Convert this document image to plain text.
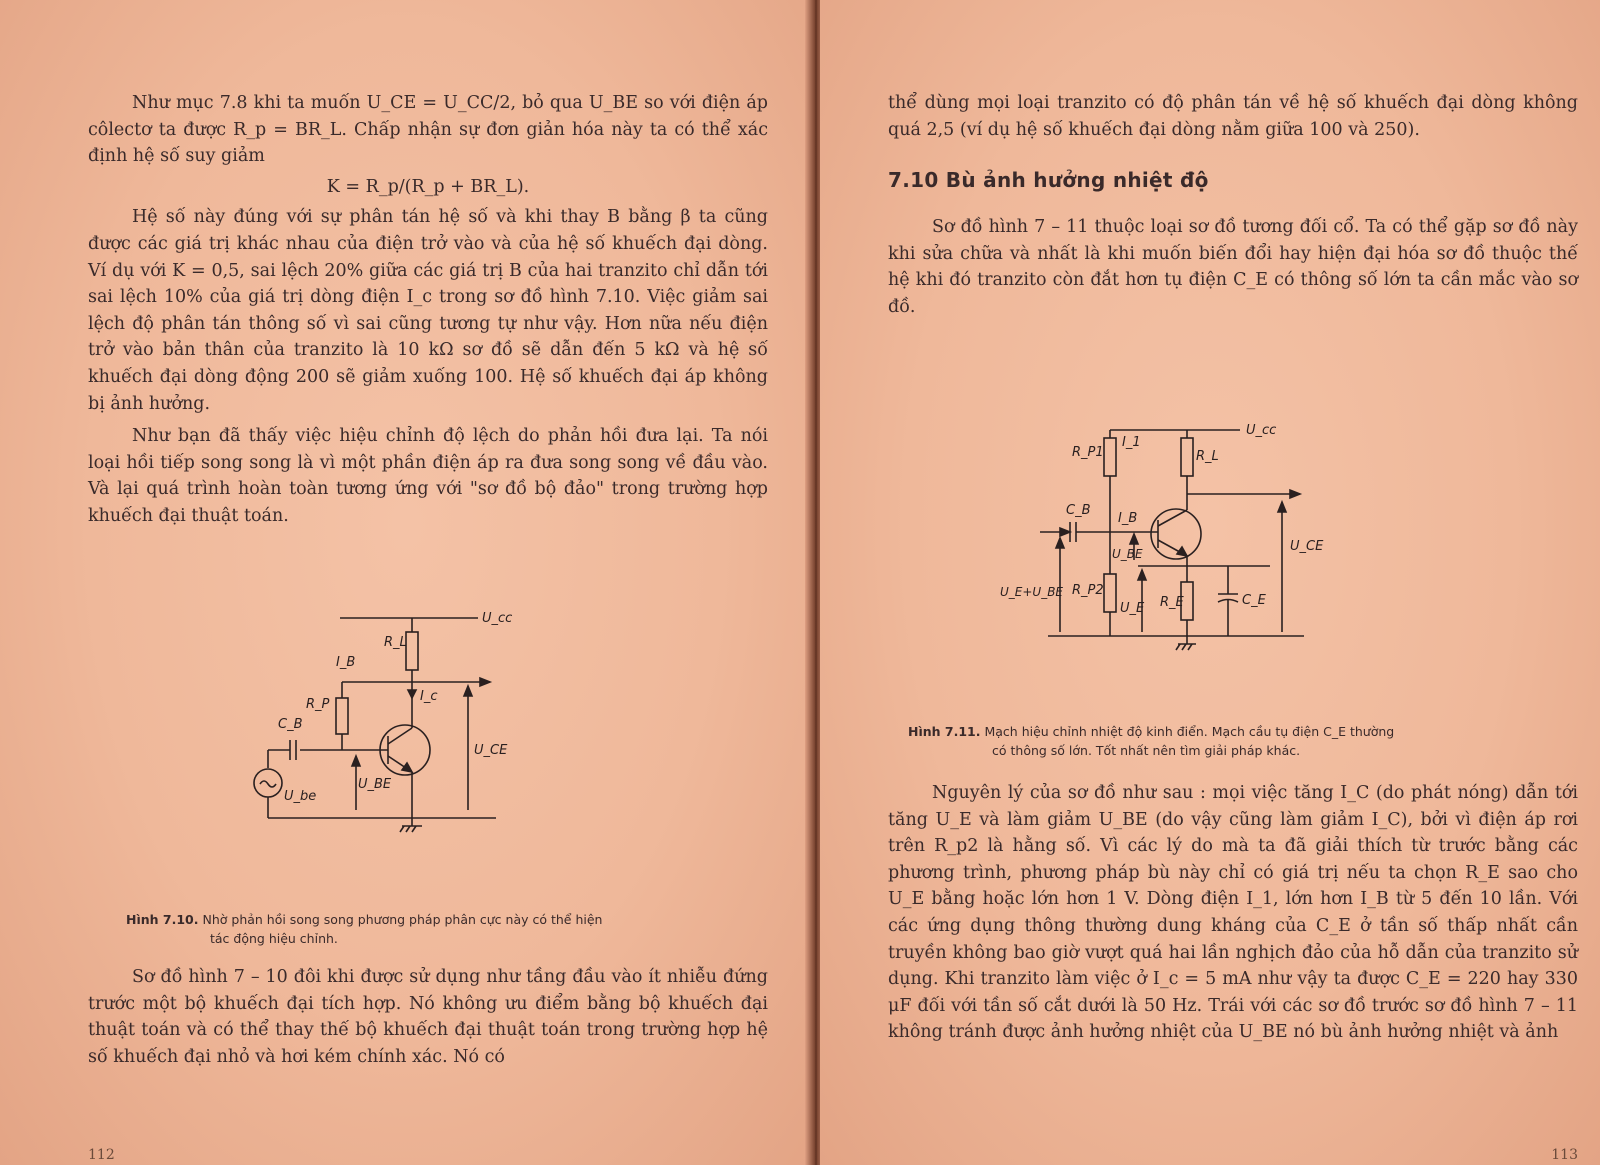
Như mục 7.8 khi ta muốn U_CE = U_CC/2, bỏ qua U_BE so với điện áp côlectơ ta được R_p = BR_L. Chấp nhận sự đơn giản hóa này ta có thể xác định hệ số suy giảm

K = R_p/(R_p + BR_L).

Hệ số này đúng với sự phân tán hệ số và khi thay B bằng β ta cũng được các giá trị khác nhau của điện trở vào và của hệ số khuếch đại dòng. Ví dụ với K = 0,5, sai lệch 20% giữa các giá trị B của hai tranzito chỉ dẫn tới sai lệch 10% của giá trị dòng điện I_c trong sơ đồ hình 7.10. Việc giảm sai lệch độ phân tán thông số vì sai cũng tương tự như vậy. Hơn nữa nếu điện trở vào bản thân của tranzito là 10 kΩ sơ đồ sẽ dẫn đến 5 kΩ và hệ số khuếch đại dòng động 200 sẽ giảm xuống 100. Hệ số khuếch đại áp không bị ảnh hưởng.

Như bạn đã thấy việc hiệu chỉnh độ lệch do phản hồi đưa lại. Ta nói loại hồi tiếp song song là vì một phần điện áp ra đưa song song về đầu vào. Và lại quá trình hoàn toàn tương ứng với "sơ đồ bộ đảo" trong trường hợp khuếch đại thuật toán.

U_cc
R_L
I_B
R_P
C_B
I_c
U_CE
U_BE
U_be
Hình 7.10. Nhờ phản hồi song song phương pháp phân cực này có thể hiện
tác động hiệu chỉnh.

Sơ đồ hình 7 – 10 đôi khi được sử dụng như tầng đầu vào ít nhiễu đứng trước một bộ khuếch đại tích hợp. Nó không ưu điểm bằng bộ khuếch đại thuật toán và có thể thay thế bộ khuếch đại thuật toán trong trường hợp hệ số khuếch đại nhỏ và hơi kém chính xác. Nó có

112

thể dùng mọi loại tranzito có độ phân tán về hệ số khuếch đại dòng không quá 2,5 (ví dụ hệ số khuếch đại dòng nằm giữa 100 và 250).

7.10 Bù ảnh hưởng nhiệt độ

Sơ đồ hình 7 – 11 thuộc loại sơ đồ tương đối cổ. Ta có thể gặp sơ đồ này khi sửa chữa và nhất là khi muốn biến đổi hay hiện đại hóa sơ đồ thuộc thế hệ khi đó tranzito còn đắt hơn tụ điện C_E có thông số lớn ta cần mắc vào sơ đồ.

U_cc
R_P1
I_1
R_L
C_B
I_B
U_BE	U_CE
U_E+U_BE R_P2
U_E R_E	C_E
Hình 7.11. Mạch hiệu chỉnh nhiệt độ kinh điển. Mạch cầu tụ điện C_E thường
có thông số lớn. Tốt nhất nên tìm giải pháp khác.

Nguyên lý của sơ đồ như sau : mọi việc tăng I_C (do phát nóng) dẫn tới tăng U_E và làm giảm U_BE (do vậy cũng làm giảm I_C), bởi vì điện áp rơi trên R_p2 là hằng số. Vì các lý do mà ta đã giải thích từ trước bằng các phương trình, phương pháp bù này chỉ có giá trị nếu ta chọn R_E sao cho U_E bằng hoặc lớn hơn 1 V. Dòng điện I_1, lớn hơn I_B từ 5 đến 10 lần. Với các ứng dụng thông thường dung kháng của C_E ở tần số thấp nhất cần truyền không bao giờ vượt quá hai lần nghịch đảo của hỗ dẫn của tranzito sử dụng. Khi tranzito làm việc ở I_c = 5 mA như vậy ta được C_E = 220 hay 330 μF đối với tần số cắt dưới là 50 Hz. Trái với các sơ đồ trước sơ đồ hình 7 – 11 không tránh được ảnh hưởng nhiệt của U_BE nó bù ảnh hưởng nhiệt và ảnh

113
